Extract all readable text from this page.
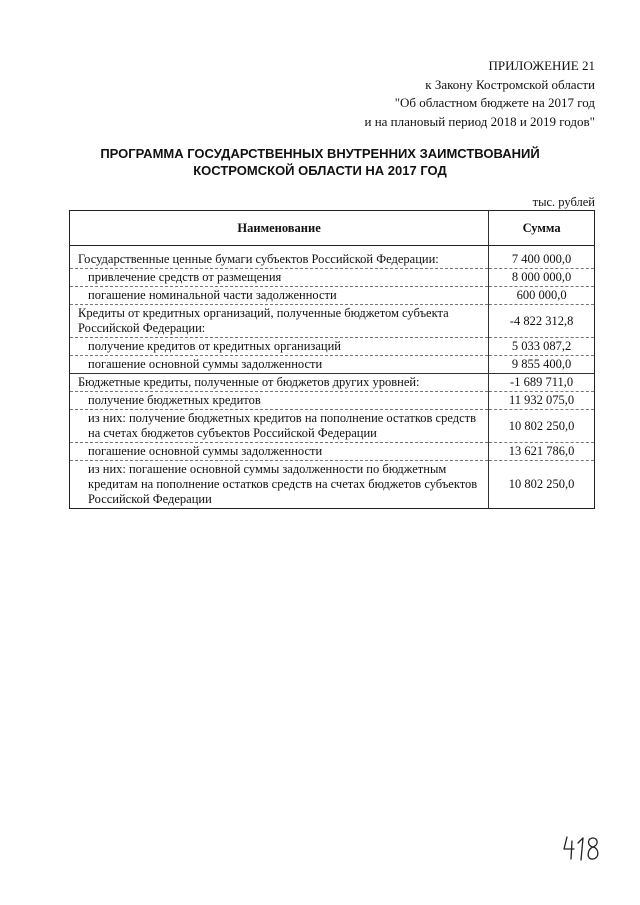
ПРИЛОЖЕНИЕ 21
к Закону Костромской области
"Об областном бюджете на 2017 год
и на плановый период 2018 и 2019 годов"
ПРОГРАММА ГОСУДАРСТВЕННЫХ ВНУТРЕННИХ ЗАИМСТВОВАНИЙ
КОСТРОМСКОЙ ОБЛАСТИ НА 2017 ГОД
тыс. рублей
Наименование	Сумма

Государственные ценные бумаги субъектов Российской Федерации:	7 400 000,0
привлечение средств от размещения	8 000 000,0
погашение номинальной части задолженности	600 000,0
Кредиты от кредитных организаций, полученные бюджетом субъекта Российской Федерации:	-4 822 312,8
получение кредитов от кредитных организаций	5 033 087,2
погашение основной суммы задолженности	9 855 400,0
Бюджетные кредиты, полученные от бюджетов других уровней:	-1 689 711,0
получение бюджетных кредитов	11 932 075,0
из них: получение бюджетных кредитов на пополнение остатков средств на счетах бюджетов субъектов Российской Федерации	10 802 250,0
погашение основной суммы задолженности	13 621 786,0
из них: погашение основной суммы задолженности по бюджетным кредитам на пополнение остатков средств на счетах бюджетов субъектов Российской Федерации	10 802 250,0
